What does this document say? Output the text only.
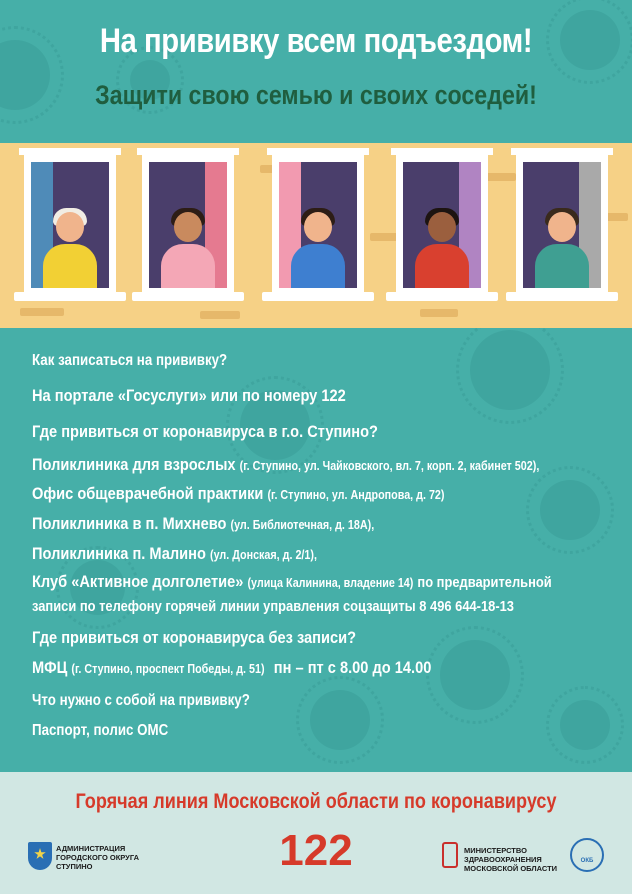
На прививку всем подъездом!
Защити свою семью и своих соседей!
Как записаться на прививку?
На портале «Госуслуги» или по номеру 122
Где привиться от коронавируса в г.о. Ступино?
Поликлиника для взрослых (г. Ступино, ул. Чайковского, вл. 7, корп. 2, кабинет 502),
Офис общеврачебной практики (г. Ступино, ул. Андропова, д. 72)
Поликлиника в п. Михнево (ул. Библиотечная, д. 18А),
Поликлиника п. Малино (ул. Донская, д. 2/1),
Клуб «Активное долголетие» (улица Калинина, владение 14) по предварительной
записи по телефону горячей линии управления соцзащиты 8 496 644-18-13
Где привиться от коронавируса без записи?
МФЦ (г. Ступино, проспект Победы, д. 51) пн – пт с 8.00 до 14.00
Что нужно с собой на прививку?
Паспорт, полис ОМС
Горячая линия Московской области по коронавирусу
122
АДМИНИСТРАЦИЯ
ГОРОДСКОГО ОКРУГА
СТУПИНО
МИНИСТЕРСТВО
ЗДРАВООХРАНЕНИЯ
МОСКОВСКОЙ ОБЛАСТИ
ОКБ
